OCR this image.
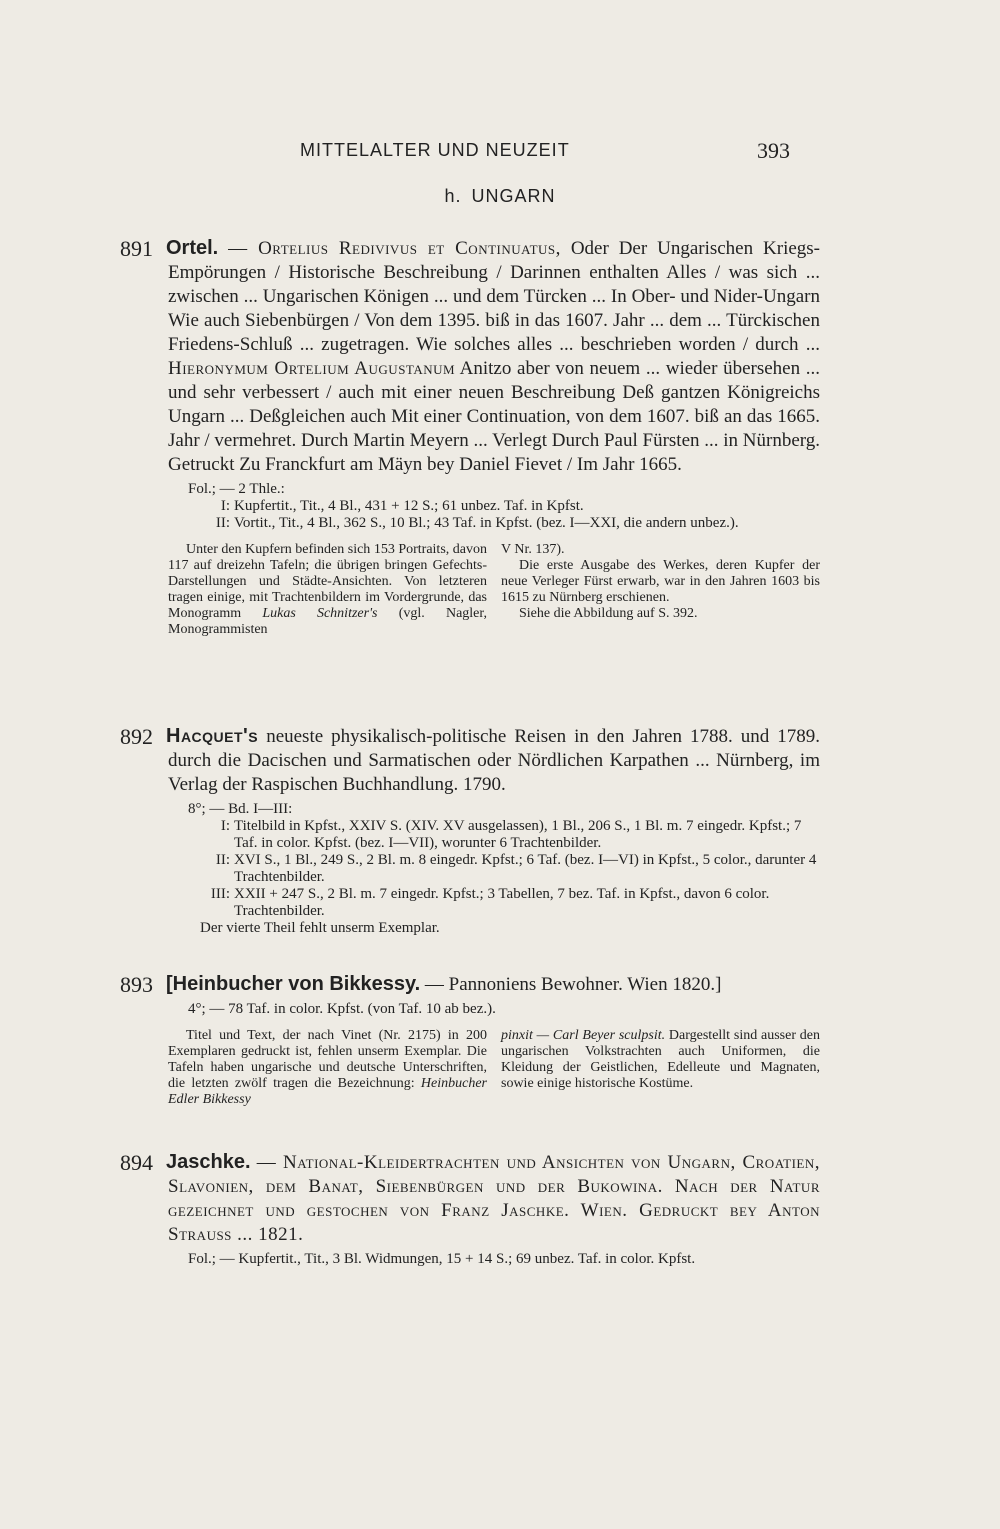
MITTELALTER UND NEUZEIT	393
h. UNGARN
891 Ortel. — Ortelius Redivivus et Continuatus, Oder Der Ungarischen Kriegs-Empörungen / Historische Beschreibung / Darinnen enthalten Alles / was sich ... zwischen ... Ungarischen Königen ... und dem Türcken ... In Ober- und Nider-Ungarn Wie auch Siebenbürgen / Von dem 1395. biß in das 1607. Jahr ... dem ... Türckischen Friedens-Schluß ... zugetragen. Wie solches alles ... beschrieben worden / durch ... Hieronymum Ortelium Augustanum Anitzo aber von neuem ... wieder übersehen ... und sehr verbessert / auch mit einer neuen Beschreibung Deß gantzen Königreichs Ungarn ... Deßgleichen auch Mit einer Continuation, von dem 1607. biß an das 1665. Jahr / vermehret. Durch Martin Meyern ... Verlegt Durch Paul Fürsten ... in Nürnberg. Getruckt Zu Franckfurt am Mäyn bey Daniel Fievet / Im Jahr 1665.
Fol.; — 2 Thle.:
I: Kupfertit., Tit., 4 Bl., 431 + 12 S.; 61 unbez. Taf. in Kpfst.
II: Vortit., Tit., 4 Bl., 362 S., 10 Bl.; 43 Taf. in Kpfst. (bez. I—XXI, die andern unbez.).

Unter den Kupfern befinden sich 153 Portraits, davon 117 auf dreizehn Tafeln; die übrigen bringen Gefechts-Darstellungen und Städte-Ansichten. Von letzteren tragen einige, mit Trachtenbildern im Vordergrunde, das Monogramm Lukas Schnitzer's (vgl. Nagler, Monogrammisten

V Nr. 137).

Die erste Ausgabe des Werkes, deren Kupfer der neue Verleger Fürst erwarb, war in den Jahren 1603 bis 1615 zu Nürnberg erschienen.

Siehe die Abbildung auf S. 392.

892 Hacquet's neueste physikalisch-politische Reisen in den Jahren 1788. und 1789. durch die Dacischen und Sarmatischen oder Nördlichen Karpathen ... Nürnberg, im Verlag der Raspischen Buchhandlung. 1790.
8°; — Bd. I—III:
I: Titelbild in Kpfst., XXIV S. (XIV. XV ausgelassen), 1 Bl., 206 S., 1 Bl. m. 7 eingedr. Kpfst.; 7 Taf. in color. Kpfst. (bez. I—VII), worunter 6 Trachtenbilder.
II: XVI S., 1 Bl., 249 S., 2 Bl. m. 8 eingedr. Kpfst.; 6 Taf. (bez. I—VI) in Kpfst., 5 color., darunter 4 Trachtenbilder.
III: XXII + 247 S., 2 Bl. m. 7 eingedr. Kpfst.; 3 Tabellen, 7 bez. Taf. in Kpfst., davon 6 color. Trachtenbilder.
Der vierte Theil fehlt unserm Exemplar.
893 [Heinbucher von Bikkessy. — Pannoniens Bewohner. Wien 1820.]
4°; — 78 Taf. in color. Kpfst. (von Taf. 10 ab bez.).

Titel und Text, der nach Vinet (Nr. 2175) in 200 Exemplaren gedruckt ist, fehlen unserm Exemplar. Die Tafeln haben ungarische und deutsche Unterschriften, die letzten zwölf tragen die Bezeichnung: Heinbucher Edler Bikkessy

pinxit — Carl Beyer sculpsit. Dargestellt sind ausser den ungarischen Volkstrachten auch Uniformen, die Kleidung der Geistlichen, Edelleute und Magnaten, sowie einige historische Kostüme.

894 Jaschke. — National-Kleidertrachten und Ansichten von Ungarn, Croatien, Slavonien, dem Banat, Siebenbürgen und der Bukowina. Nach der Natur gezeichnet und gestochen von Franz Jaschke. Wien. Gedruckt bey Anton Strauss ... 1821.
Fol.; — Kupfertit., Tit., 3 Bl. Widmungen, 15 + 14 S.; 69 unbez. Taf. in color. Kpfst.
